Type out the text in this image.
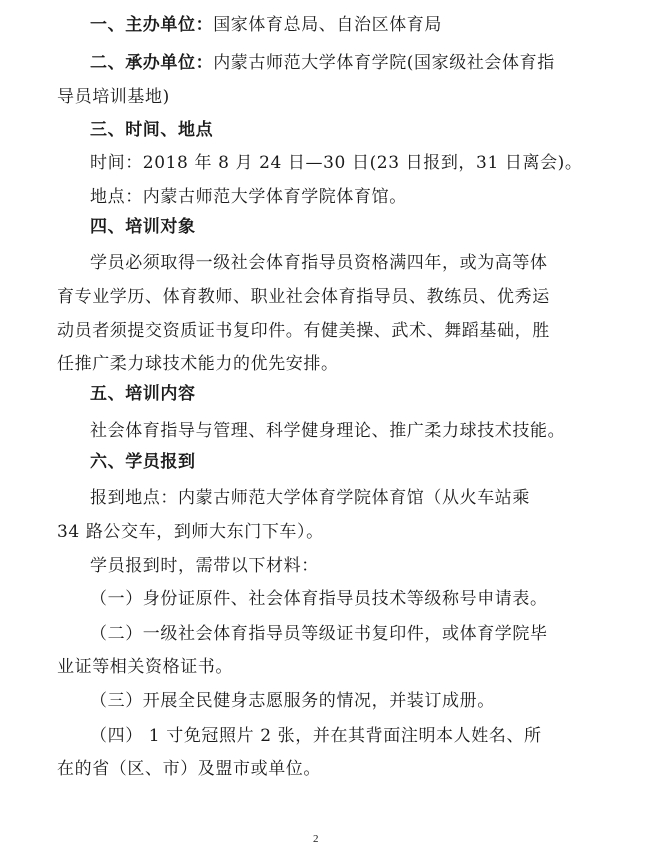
一、主办单位：国家体育总局、自治区体育局
二、承办单位：内蒙古师范大学体育学院(国家级社会体育指
导员培训基地)
三、时间、地点
时间：2018 年 8 月 24 日—30 日(23 日报到，31 日离会)。
地点：内蒙古师范大学体育学院体育馆。
四、培训对象
学员必须取得一级社会体育指导员资格满四年，或为高等体
育专业学历、体育教师、职业社会体育指导员、教练员、优秀运
动员者须提交资质证书复印件。有健美操、武术、舞蹈基础，胜
任推广柔力球技术能力的优先安排。
五、培训内容
社会体育指导与管理、科学健身理论、推广柔力球技术技能。
六、学员报到
报到地点：内蒙古师范大学体育学院体育馆（从火车站乘
34 路公交车，到师大东门下车）。
学员报到时，需带以下材料：
（一）身份证原件、社会体育指导员技术等级称号申请表。
（二）一级社会体育指导员等级证书复印件，或体育学院毕
业证等相关资格证书。
（三）开展全民健身志愿服务的情况，并装订成册。
（四） 1 寸免冠照片 2 张，并在其背面注明本人姓名、所
在的省（区、市）及盟市或单位。
2
